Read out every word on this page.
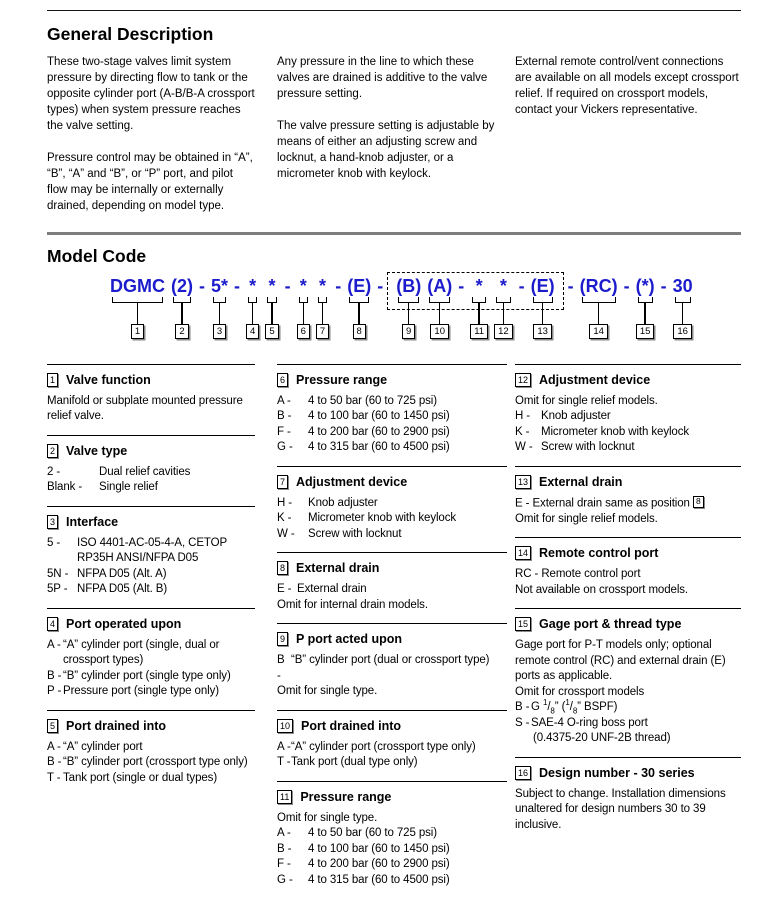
General Description

These two-stage valves limit system pressure by directing flow to tank or the opposite cylinder port (A-B/B-A crossport types) when system pressure reaches the valve setting.

Pressure control may be obtained in “A”, “B”, “A” and “B”, or “P” port, and pilot flow may be internally or externally drained, depending on model type.

Any pressure in the line to which these valves are drained is additive to the valve pressure setting.

The valve pressure setting is adjustable by means of either an adjusting screw and locknut, a hand-knob adjuster, or a micrometer knob with keylock.

External remote control/vent connections are available on all models except crossport relief. If required on crossport models, contact your Vickers representative.

Model Code
DGMC
1
(2)
2
- 5*
3
- *
4
*
5
- *
6
*
7
- (E)
8
- (B)
9
(A)
10
- *
11
*
12
- (E)
13
- (RC)
14
- (*)
15
- 30
16
1 Valve function
Manifold or subplate mounted pressure relief valve.
2 Valve type
2 -	Dual relief cavities
Blank -	Single relief
3 Interface
5 -	ISO 4401-AC-05-4-A, CETOP RP35H ANSI/NFPA D05
5N - NFPA D05 (Alt. A)
5P - NFPA D05 (Alt. B)
4 Port operated upon
A - “A” cylinder port (single, dual or crossport types)
B - “B” cylinder port (single type only)
P - Pressure port (single type only)
5 Port drained into
A - “A” cylinder port
B - “B” cylinder port (crossport type only)
T - Tank port (single or dual types)
6 Pressure range
A -	4 to 50 bar (60 to 725 psi)
B -	4 to 100 bar (60 to 1450 psi)
F -	4 to 200 bar (60 to 2900 psi)
G -	4 to 315 bar (60 to 4500 psi)
7 Adjustment device
H -	Knob adjuster
K -	Micrometer knob with keylock
W -	Screw with locknut
8 External drain
E - External drain
Omit for internal drain models.
9 P port acted upon
B -
“B” cylinder port (dual or crossport type)
Omit for single type.
10 Port drained into
A - “A” cylinder port (crossport type only)
T - Tank port (dual type only)
11 Pressure range
Omit for single type.
A -	4 to 50 bar (60 to 725 psi)
B -	4 to 100 bar (60 to 1450 psi)
F -	4 to 200 bar (60 to 2900 psi)
G -	4 to 315 bar (60 to 4500 psi)
12 Adjustment device
Omit for single relief models.
H - Knob adjuster
K -	Micrometer knob with keylock
W - Screw with locknut
13 External drain
E - External drain same as position 8
Omit for single relief models.
14 Remote control port
RC - Remote control port
Not available on crossport models.
15 Gage port & thread type
Gage port for P-T models only; optional remote control (RC) and external drain (E) ports as applicable.
Omit for crossport models
B - G $^1/_8$” ($^1/_8$” BSPF)
S - SAE-4 O-ring boss port
(0.4375-20 UNF-2B thread)
16 Design number - 30 series
Subject to change. Installation dimensions unaltered for design numbers 30 to 39 inclusive.
